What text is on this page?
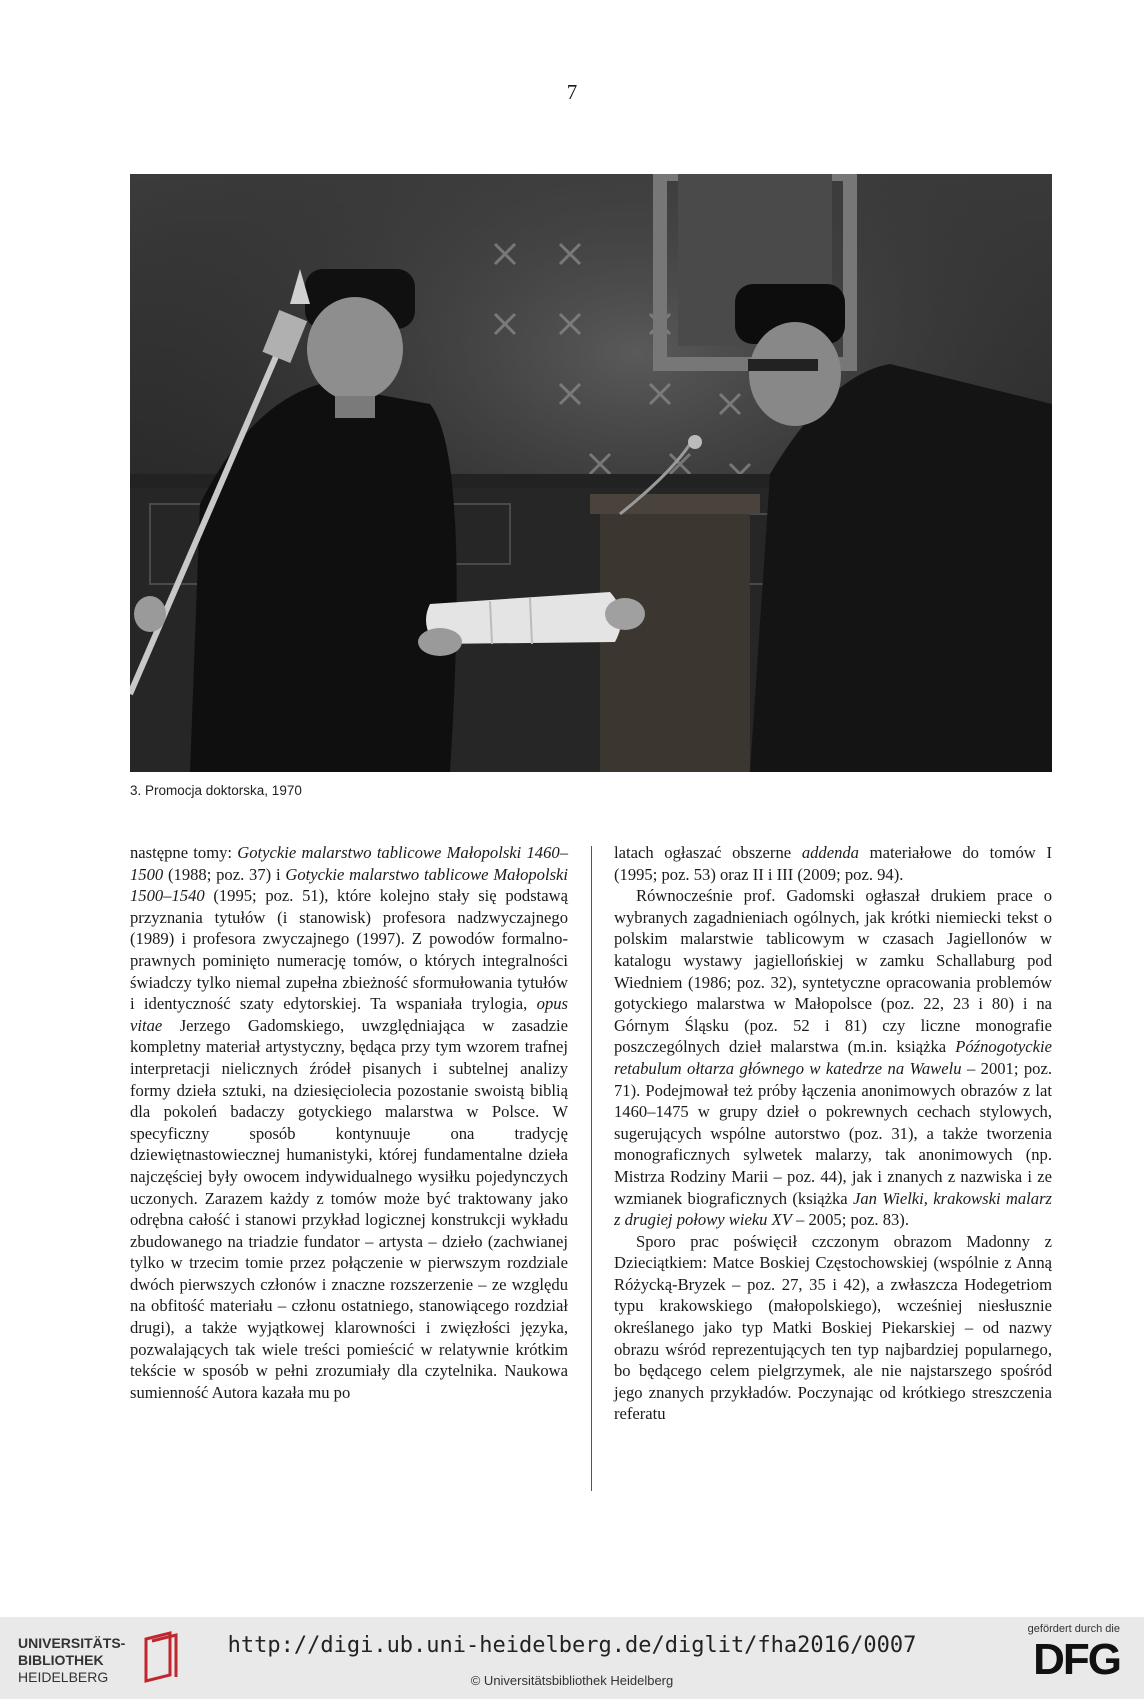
7
3. Promocja doktorska, 1970

następne tomy: Gotyckie malarstwo tablicowe Małopolski 1460–1500 (1988; poz. 37) i Gotyckie malarstwo tablicowe Małopolski 1500–1540 (1995; poz. 51), które kolejno stały się podstawą przyznania tytułów (i stanowisk) profesora nadzwyczajnego (1989) i profesora zwyczajnego (1997). Z powodów formalno-prawnych pominięto numerację tomów, o których integralności świadczy tylko niemal zupełna zbieżność sformułowania tytułów i identyczność szaty edytorskiej. Ta wspaniała trylogia, opus vitae Jerzego Gadomskiego, uwzględniająca w zasadzie kompletny materiał artystyczny, będąca przy tym wzorem trafnej interpretacji nielicznych źródeł pisanych i subtelnej analizy formy dzieła sztuki, na dziesięciolecia pozostanie swoistą biblią dla pokoleń badaczy gotyckiego malarstwa w Polsce. W specyficzny sposób kontynuuje ona tradycję dziewiętnastowiecznej humanistyki, której fundamentalne dzieła najczęściej były owocem indywidualnego wysiłku pojedynczych uczonych. Zarazem każdy z tomów może być traktowany jako odrębna całość i stanowi przykład logicznej konstrukcji wykładu zbudowanego na triadzie fundator – artysta – dzieło (zachwianej tylko w trzecim tomie przez połączenie w pierwszym rozdziale dwóch pierwszych członów i znaczne rozszerzenie – ze względu na obfitość materiału – członu ostatniego, stanowiącego rozdział drugi), a także wyjątkowej klarowności i zwięzłości języka, pozwalających tak wiele treści pomieścić w relatywnie krótkim tekście w sposób w pełni zrozumiały dla czytelnika. Naukowa sumienność Autora kazała mu po

latach ogłaszać obszerne addenda materiałowe do tomów I (1995; poz. 53) oraz II i III (2009; poz. 94).

Równocześnie prof. Gadomski ogłaszał drukiem prace o wybranych zagadnieniach ogólnych, jak krótki niemiecki tekst o polskim malarstwie tablicowym w czasach Jagiellonów w katalogu wystawy jagiellońskiej w zamku Schallaburg pod Wiedniem (1986; poz. 32), syntetyczne opracowania problemów gotyckiego malarstwa w Małopolsce (poz. 22, 23 i 80) i na Górnym Śląsku (poz. 52 i 81) czy liczne monografie poszczególnych dzieł malarstwa (m.in. książka Późnogotyckie retabulum ołtarza głównego w katedrze na Wawelu – 2001; poz. 71). Podejmował też próby łączenia anonimowych obrazów z lat 1460–1475 w grupy dzieł o pokrewnych cechach stylowych, sugerujących wspólne autorstwo (poz. 31), a także tworzenia monograficznych sylwetek malarzy, tak anonimowych (np. Mistrza Rodziny Marii – poz. 44), jak i znanych z nazwiska i ze wzmianek biograficznych (książka Jan Wielki, krakowski malarz z drugiej połowy wieku XV – 2005; poz. 83).

Sporo prac poświęcił czczonym obrazom Madonny z Dzieciątkiem: Matce Boskiej Częstochowskiej (wspólnie z Anną Różycką-Bryzek – poz. 27, 35 i 42), a zwłaszcza Hodegetriom typu krakowskiego (małopolskiego), wcześniej niesłusznie określanego jako typ Matki Boskiej Piekarskiej – od nazwy obrazu wśród reprezentujących ten typ najbardziej popularnego, bo będącego celem pielgrzymek, ale nie najstarszego spośród jego znanych przykładów. Poczynając od krótkiego streszczenia referatu

UNIVERSITÄTS-
BIBLIOTHEK
HEIDELBERG
http://digi.ub.uni-heidelberg.de/diglit/fha2016/0007
© Universitätsbibliothek Heidelberg
gefördert durch die
DFG
